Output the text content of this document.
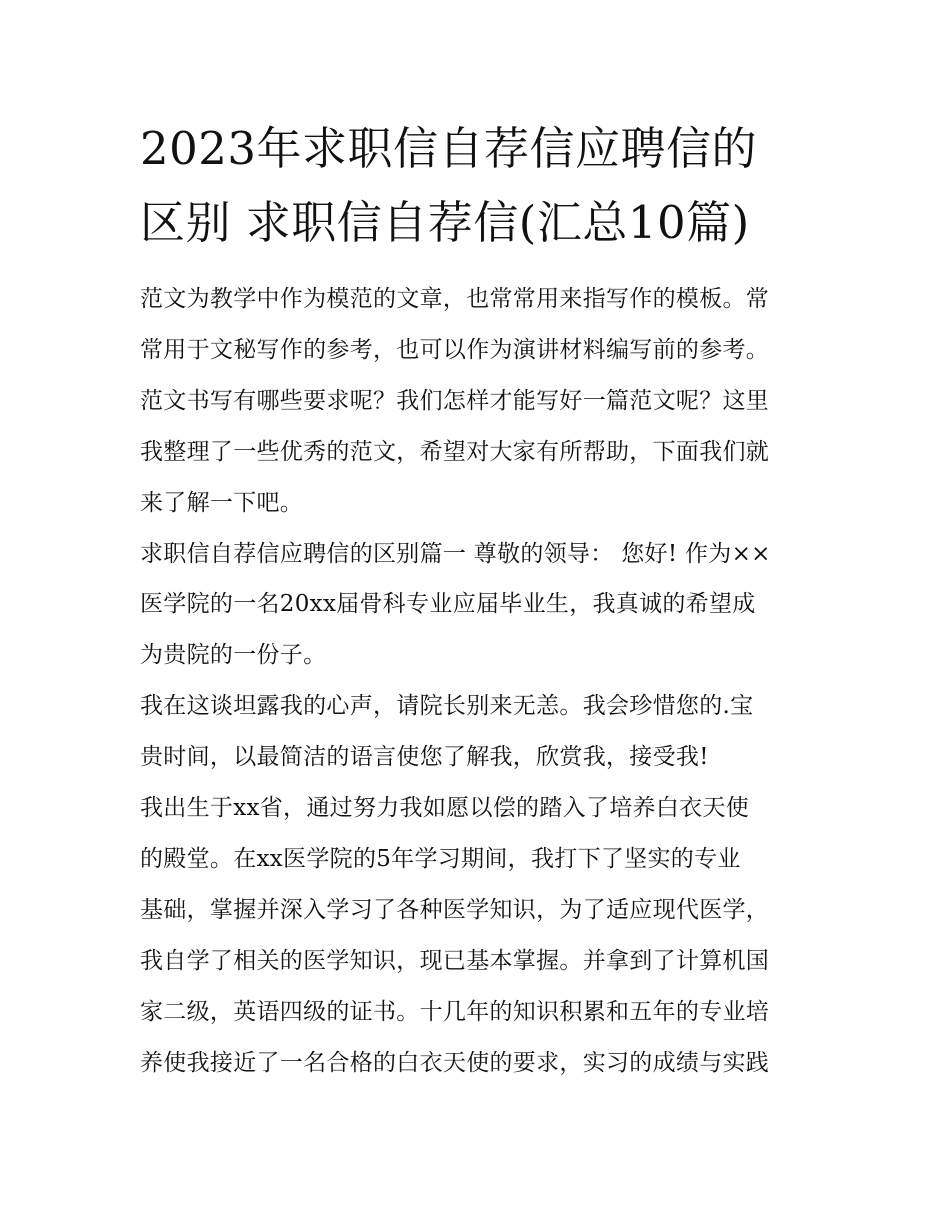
2023年求职信自荐信应聘信的
区别 求职信自荐信(汇总10篇)
范文为教学中作为模范的文章，也常常用来指写作的模板。常
常用于文秘写作的参考，也可以作为演讲材料编写前的参考。
范文书写有哪些要求呢？我们怎样才能写好一篇范文呢？这里
我整理了一些优秀的范文，希望对大家有所帮助，下面我们就
来了解一下吧。
求职信自荐信应聘信的区别篇一 尊敬的领导： 您好! 作为××
医学院的一名20xx届骨科专业应届毕业生，我真诚的希望成
为贵院的一份子。
我在这谈坦露我的心声，请院长别来无恙。我会珍惜您的.宝
贵时间，以最简洁的语言使您了解我，欣赏我，接受我!
我出生于xx省，通过努力我如愿以偿的踏入了培养白衣天使
的殿堂。在xx医学院的5年学习期间，我打下了坚实的专业
基础，掌握并深入学习了各种医学知识，为了适应现代医学，
我自学了相关的医学知识，现已基本掌握。并拿到了计算机国
家二级，英语四级的证书。十几年的知识积累和五年的专业培
养使我接近了一名合格的白衣天使的要求，实习的成绩与实践
